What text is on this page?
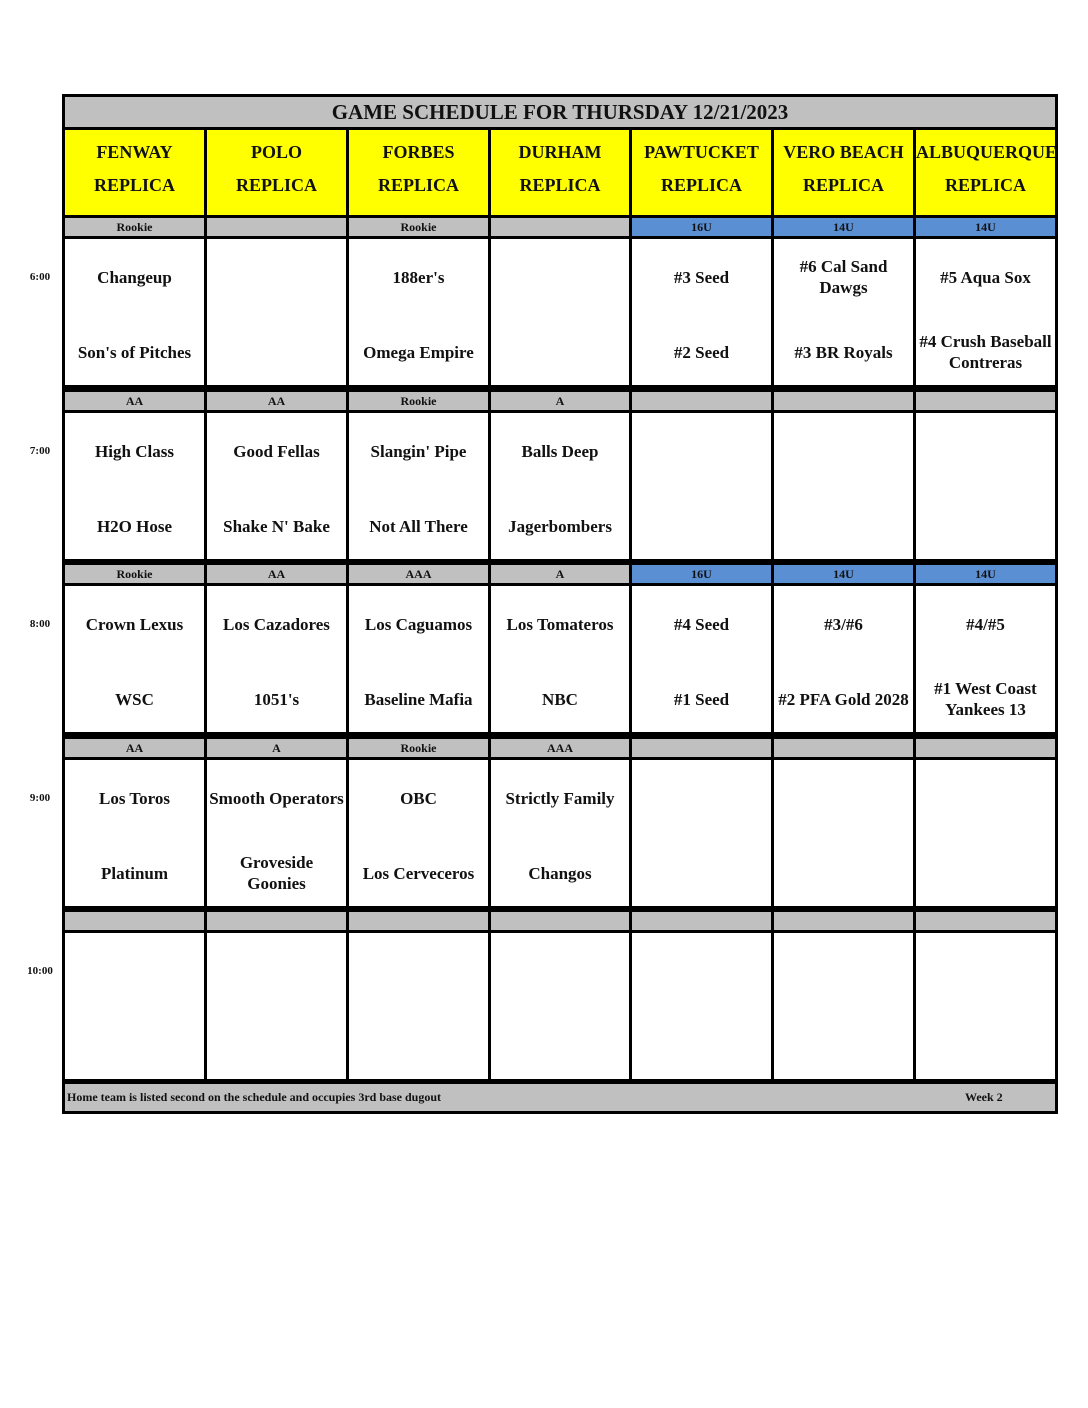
GAME SCHEDULE FOR THURSDAY 12/21/2023
Home team is listed second on the schedule and occupies 3rd base dugout	Week 2
FENWAY
REPLICA
POLO
REPLICA
FORBES
REPLICA
DURHAM
REPLICA
PAWTUCKET
REPLICA
VERO BEACH
REPLICA
ALBUQUERQUE
REPLICA
Rookie
Changeup
Son's of Pitches
Rookie
188er's
Omega Empire
16U
#3 Seed
#2 Seed
14U
#6 Cal Sand Dawgs
#3 BR Royals
14U
#5 Aqua Sox
#4 Crush Baseball Contreras
AA
High Class
H2O Hose
AA
Good Fellas
Shake N' Bake
Rookie
Slangin' Pipe
Not All There
A
Balls Deep
Jagerbombers
Rookie
Crown Lexus
WSC
AA
Los Cazadores
1051's
AAA
Los Caguamos
Baseline Mafia
A
Los Tomateros
NBC
16U
#4 Seed
#1 Seed
14U
#3/#6
#2 PFA Gold 2028
14U
#4/#5
#1 West Coast Yankees 13
AA
Los Toros
Platinum
A
Smooth Operators
Groveside Goonies
Rookie
OBC
Los Cerveceros
AAA
Strictly Family
Changos
6:00
7:00
8:00
9:00
10:00
